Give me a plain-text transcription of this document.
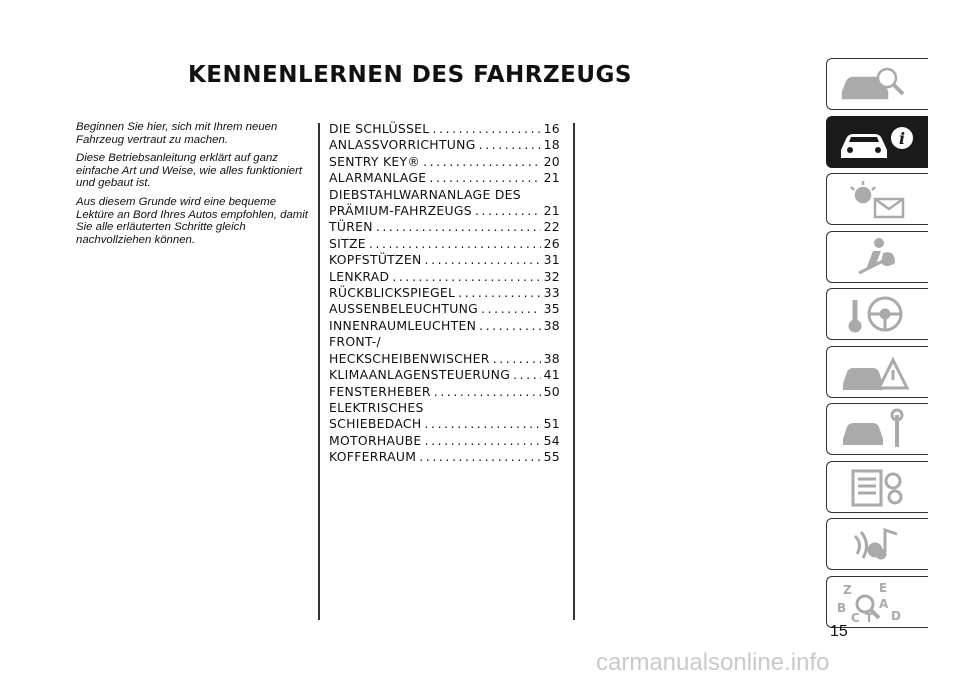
KENNENLERNEN DES FAHRZEUGS

Beginnen Sie hier, sich mit Ihrem neuen Fahrzeug vertraut zu machen.

Diese Betriebsanleitung erklärt auf ganz einfache Art und Weise, wie alles funktioniert und gebaut ist.

Aus diesem Grunde wird eine bequeme Lektüre an Bord Ihres Autos empfohlen, damit Sie alle erläuterten Schritte gleich nachvollziehen können.

DIE SCHLÜSSEL .....	16
ANLASSVORRICHTUNG .....	18
SENTRY KEY® .....	20
ALARMANLAGE .....	21
DIEBSTAHLWARNANLAGE DES
PRÄMIUM-FAHRZEUGS .....	21
TÜREN .....	22
SITZE .....	26
KOPFSTÜTZEN .....	31
LENKRAD .....	32
RÜCKBLICKSPIEGEL .....	33
AUSSENBELEUCHTUNG .....	35
INNENRAUMLEUCHTEN .....	38
FRONT-/
HECKSCHEIBENWISCHER .....	38
KLIMAANLAGENSTEUERUNG .....	41
FENSTERHEBER .....	50
ELEKTRISCHES
SCHIEBEDACH .....	51
MOTORHAUBE .....	54
KOFFERRAUM .....	55
i
Z E
B	A
C T D
15
carmanualsonline.info
